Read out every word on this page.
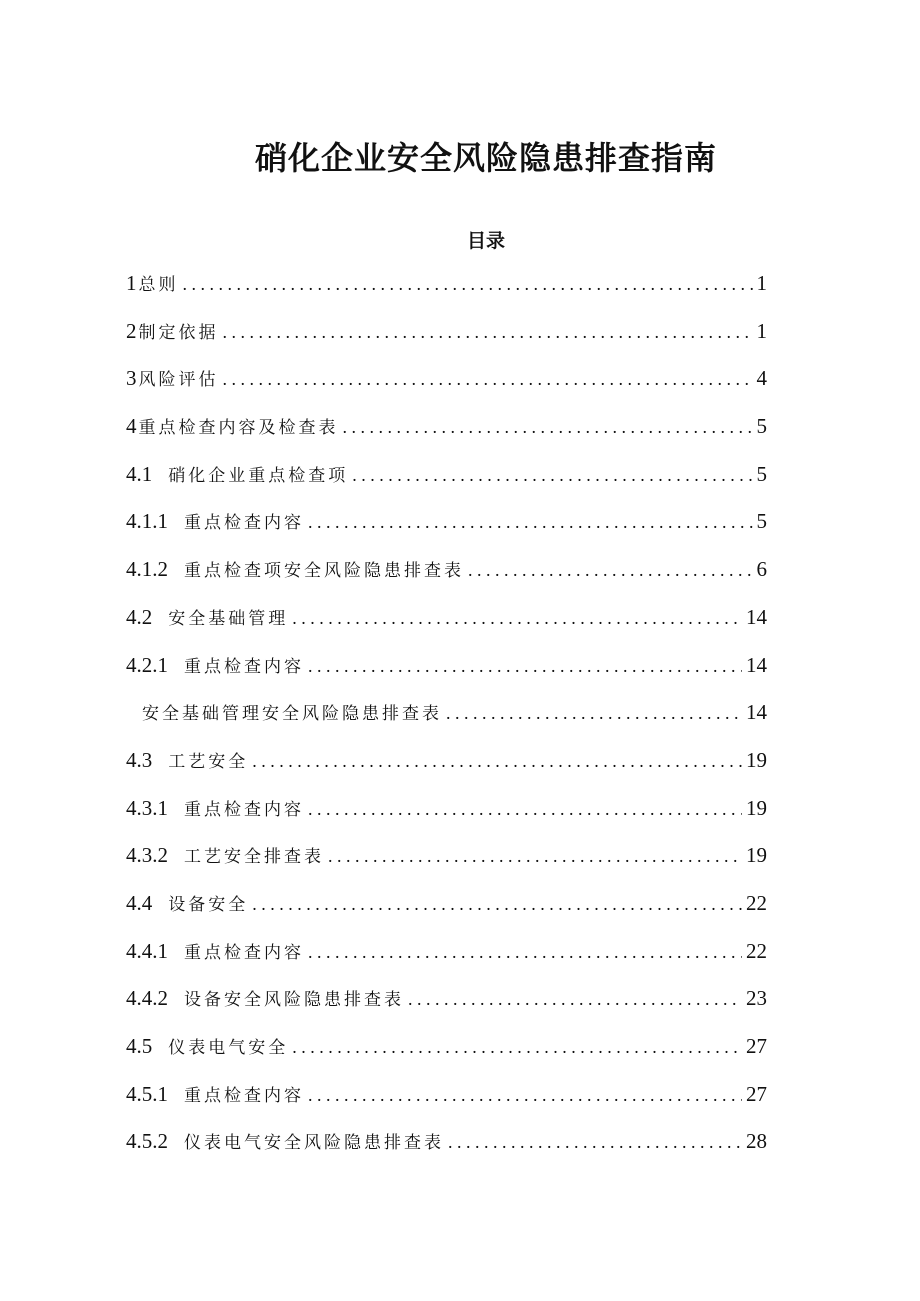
硝化企业安全风险隐患排查指南
目录
1 总则 . . .	1
2 制定依据 . . .	1
3 风险评估 . . .	4
4 重点检查内容及检查表 . . .	5
4.1 硝化企业重点检查项 . . .	5
4.1.1 重点检查内容 . . .	5
4.1.2 重点检查项安全风险隐患排查表 . . .	6
4.2 安全基础管理 . . .	14
4.2.1 重点检查内容 . . .	14
安全基础管理安全风险隐患排查表 . . .	14
4.3 工艺安全 . . .	19
4.3.1 重点检查内容 . . .	19
4.3.2 工艺安全排查表 . . .	19
4.4 设备安全 . . .	22
4.4.1 重点检查内容 . . .	22
4.4.2 设备安全风险隐患排查表 . . .	23
4.5 仪表电气安全 . . .	27
4.5.1 重点检查内容 . . .	27
4.5.2 仪表电气安全风险隐患排查表 . . .	28
